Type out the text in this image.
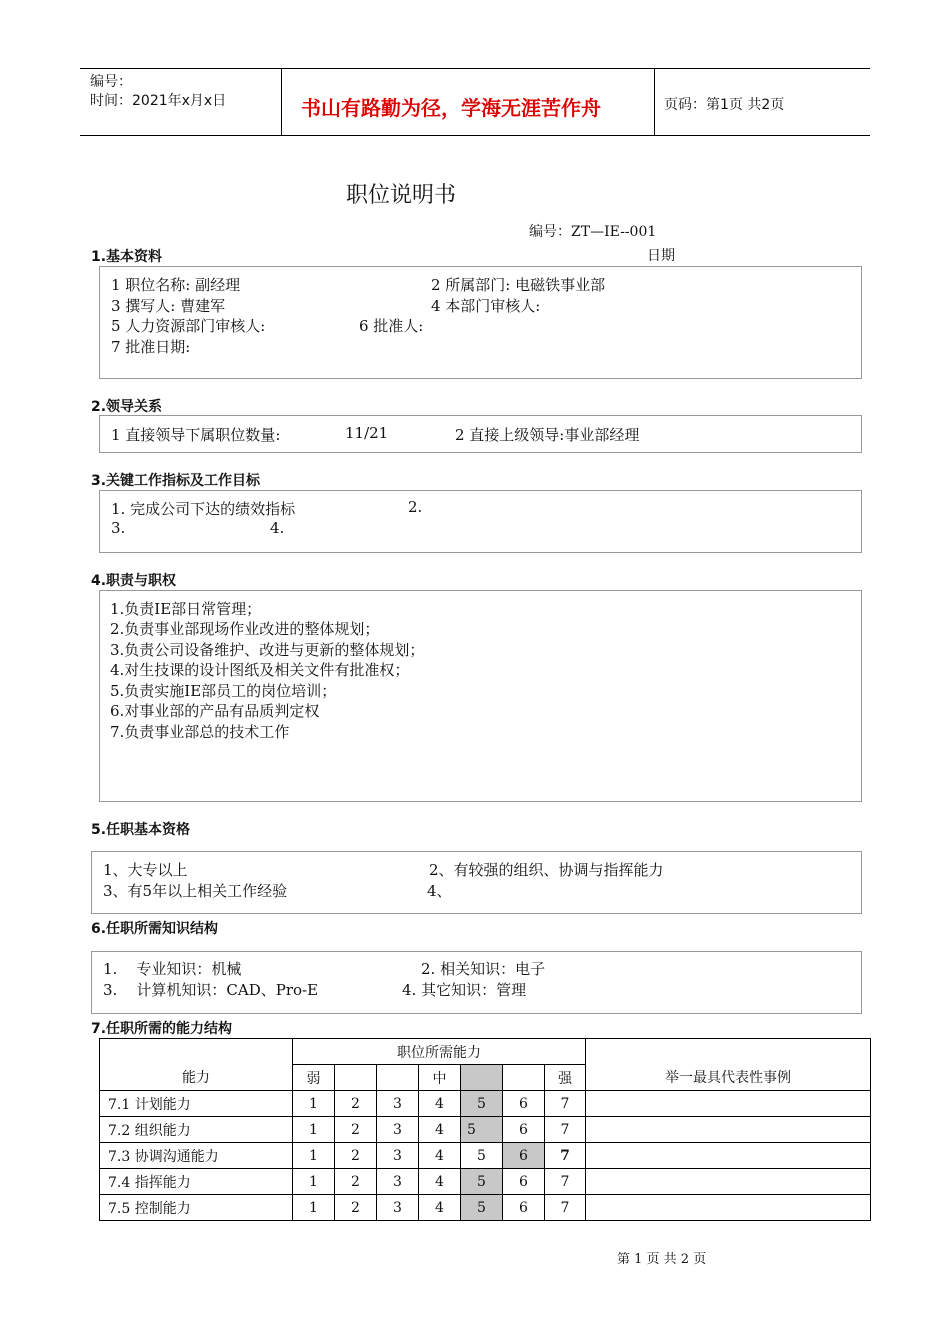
编号：
时间：2021年x月x日	书山有路勤为径，学海无涯苦作舟	页码：第1页 共2页
职位说明书
编号：ZT—IE--001
1.基本资料	日期
1 职位名称: 副经理	2 所属部门: 电磁铁事业部
3 撰写人: 曹建军	4 本部门审核人:
5 人力资源部门审核人:	6 批准人:
7 批准日期:
2.领导关系
1 直接领导下属职位数量:	11/21	2 直接上级领导:事业部经理
3.关键工作指标及工作目标
1. 完成公司下达的绩效指标	2.
3.	4.
4.职责与职权
1.负责IE部日常管理；
2.负责事业部现场作业改进的整体规划；
3.负责公司设备维护、改进与更新的整体规划；
4.对生技课的设计图纸及相关文件有批准权；
5.负责实施IE部员工的岗位培训；
6.对事业部的产品有品质判定权
7.负责事业部总的技术工作
5.任职基本资格
1、大专以上	2、有较强的组织、协调与指挥能力
3、有5年以上相关工作经验	4、
6.任职所需知识结构
1.    专业知识：机械	2. 相关知识：电子
3.    计算机知识：CAD、Pro-E	4. 其它知识：管理
7.任职所需的能力结构
能力	职位所需能力							举一最具代表性事例
	弱			中			强	
7.1 计划能力	1	2	3	4	5	6	7	
7.2 组织能力	1	2	3	4	5	6	7	
7.3 协调沟通能力	1	2	3	4	5	6	7	
7.4 指挥能力	1	2	3	4	5	6	7	
7.5 控制能力	1	2	3	4	5	6	7	
第 1 页 共 2 页
